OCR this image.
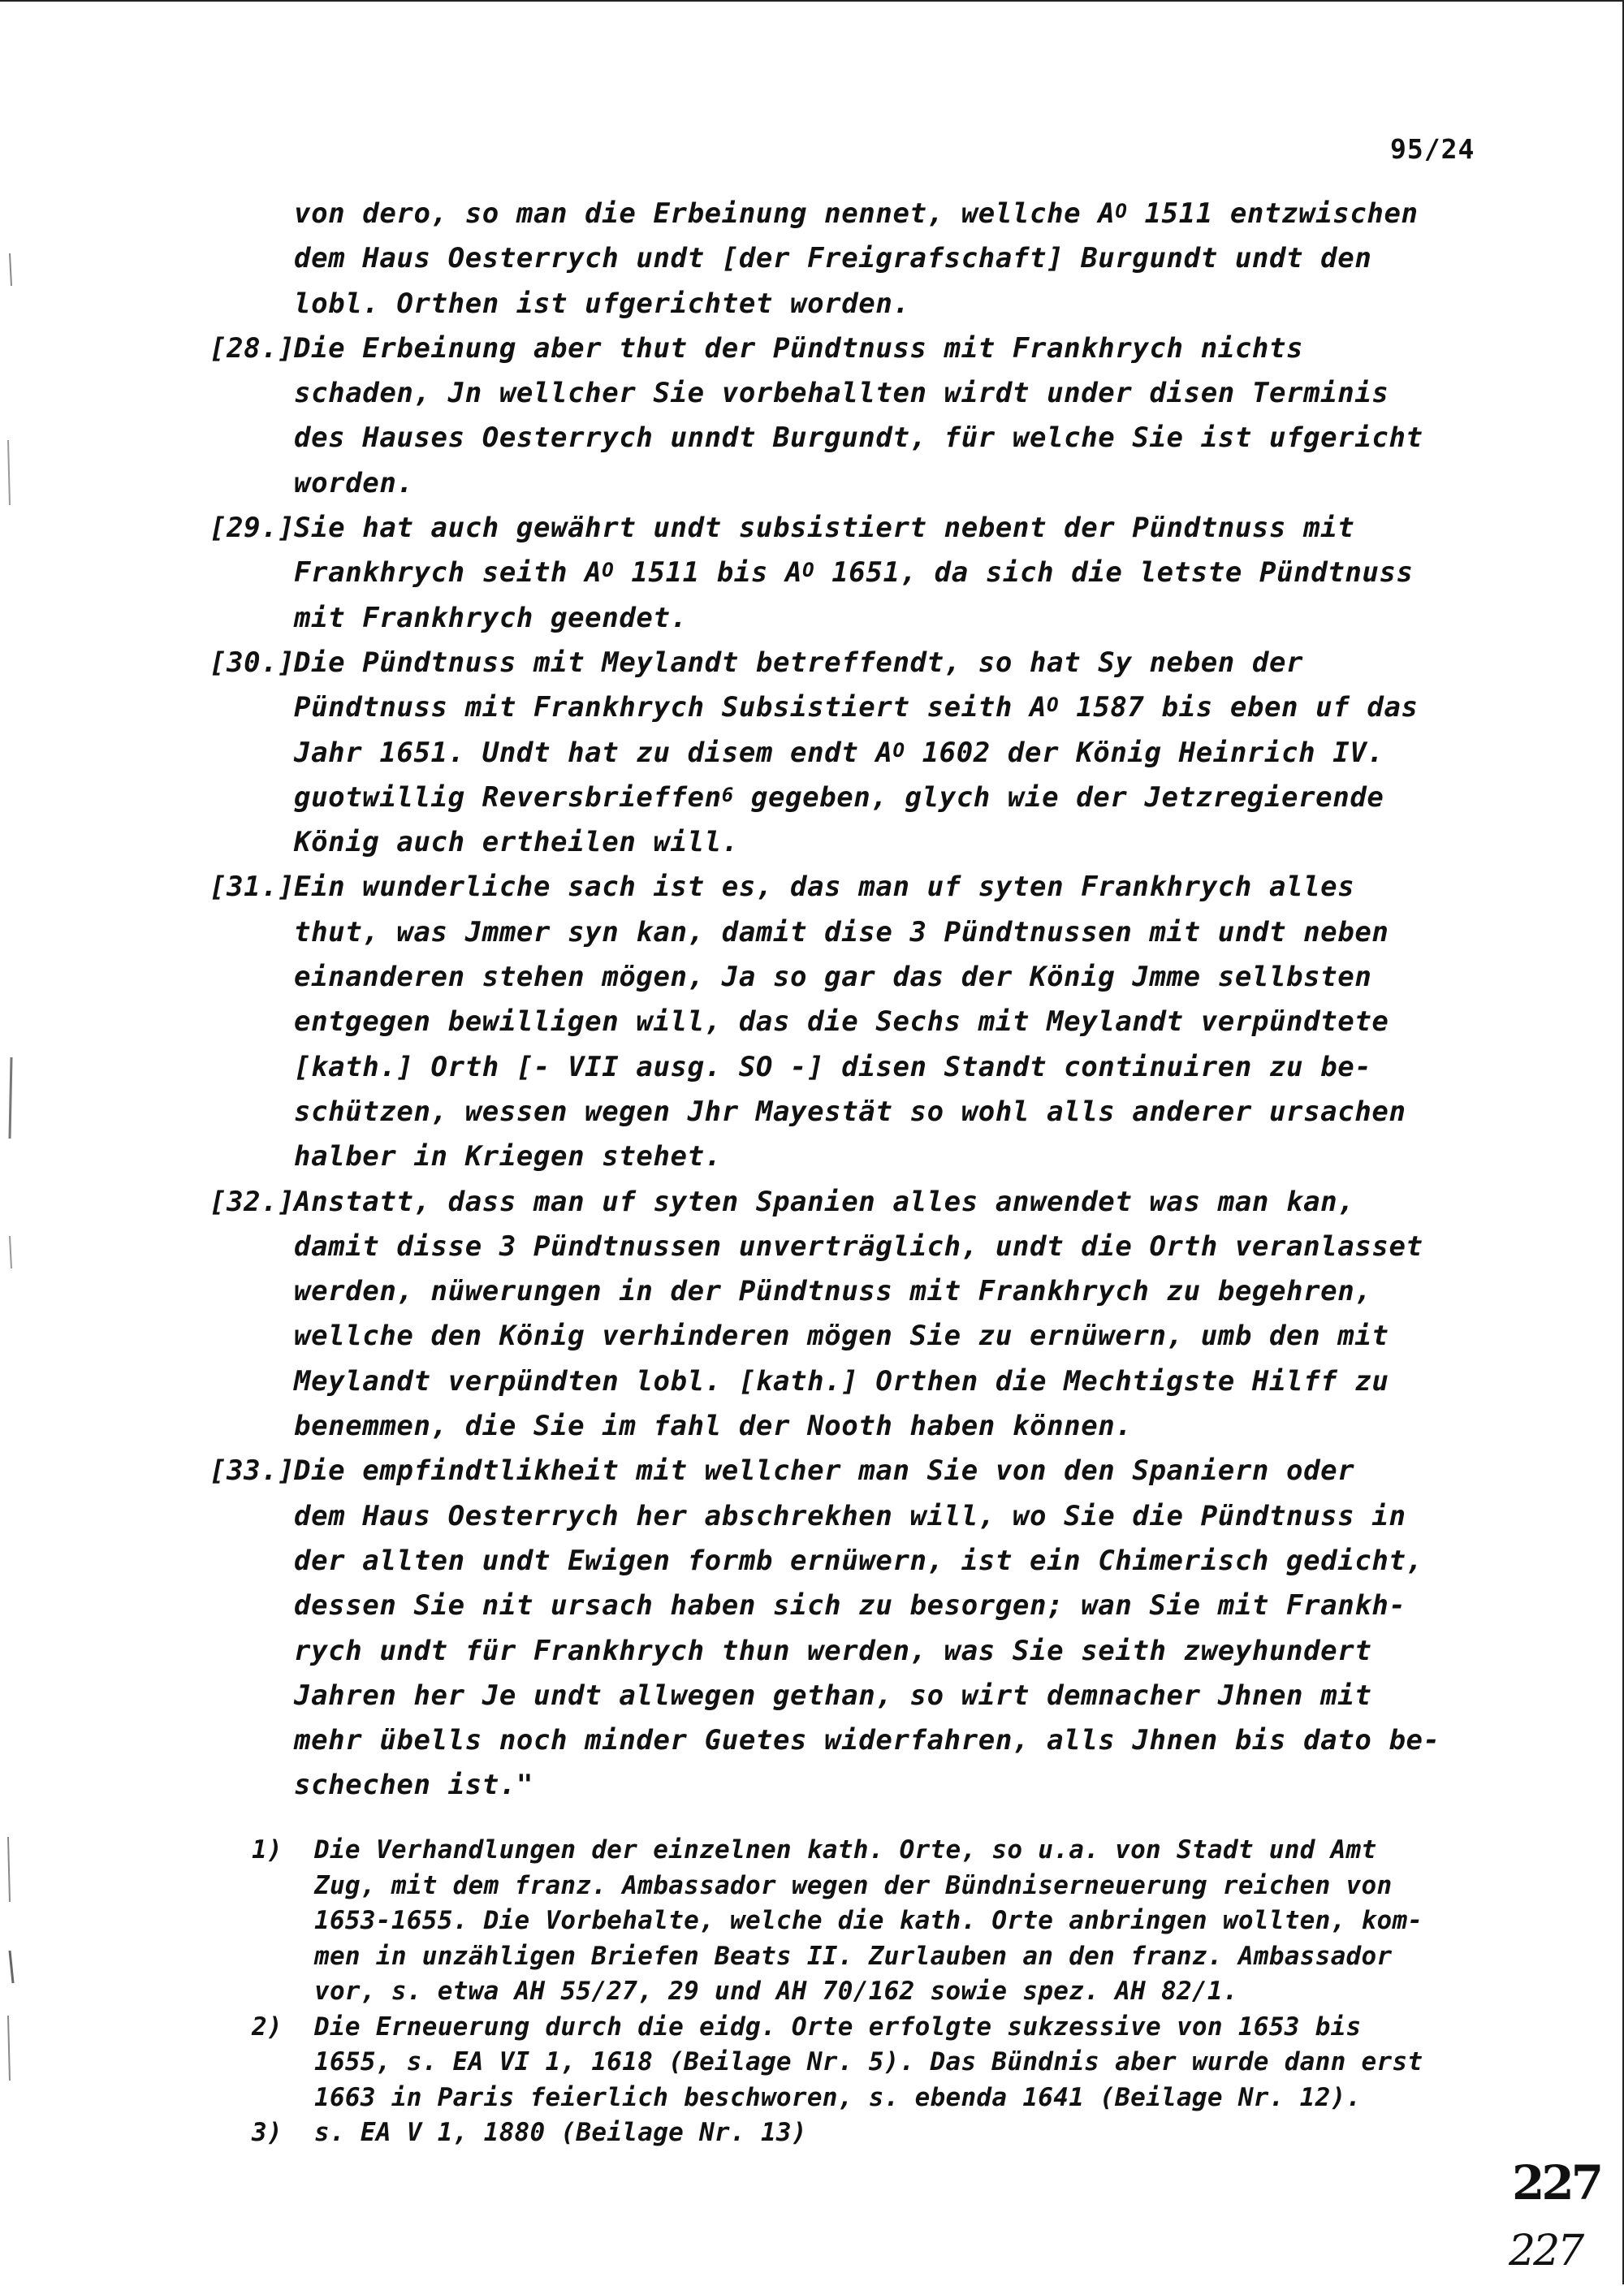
95/24
von dero, so man die Erbeinung nennet, wellche $A^O$ 1511 entzwischen
dem Haus Oesterrych undt [der Freigrafschaft] Burgundt undt den
lobl. Orthen ist ufgerichtet worden.
[28.]
Die Erbeinung aber thut der Pündtnuss mit Frankhrych nichts
schaden, Jn wellcher Sie vorbehallten wirdt under disen Terminis
des Hauses Oesterrych unndt Burgundt, für welche Sie ist ufgericht
worden.
[29.]
Sie hat auch gewährt undt subsistiert nebent der Pündtnuss mit
Frankhrych seith $A^O$ 1511 bis $A^O$ 1651, da sich die letste Pündtnuss
mit Frankhrych geendet.
[30.]
Die Pündtnuss mit Meylandt betreffendt, so hat Sy neben der
Pündtnuss mit Frankhrych Subsistiert seith $A^O$ 1587 bis eben uf das
Jahr 1651. Undt hat zu disem endt $A^O$ 1602 der König Heinrich IV.
guotwillig Reversbrieffen$^6$ gegeben, glych wie der Jetzregierende
König auch ertheilen will.
[31.]
Ein wunderliche sach ist es, das man uf syten Frankhrych alles
thut, was Jmmer syn kan, damit dise 3 Pündtnussen mit undt neben
einanderen stehen mögen, Ja so gar das der König Jmme sellbsten
entgegen bewilligen will, das die Sechs mit Meylandt verpündtete
[kath.] Orth [- VII ausg. SO -] disen Standt continuiren zu be-
schützen, wessen wegen Jhr Mayestät so wohl alls anderer ursachen
halber in Kriegen stehet.
[32.]
Anstatt, dass man uf syten Spanien alles anwendet was man kan,
damit disse 3 Pündtnussen unverträglich, undt die Orth veranlasset
werden, nüwerungen in der Pündtnuss mit Frankhrych zu begehren,
wellche den König verhinderen mögen Sie zu ernüwern, umb den mit
Meylandt verpündten lobl. [kath.] Orthen die Mechtigste Hilff zu
benemmen, die Sie im fahl der Nooth haben können.
[33.]
Die empfindtlikheit mit wellcher man Sie von den Spaniern oder
dem Haus Oesterrych her abschrekhen will, wo Sie die Pündtnuss in
der allten undt Ewigen formb ernüwern, ist ein Chimerisch gedicht,
dessen Sie nit ursach haben sich zu besorgen; wan Sie mit Frankh-
rych undt für Frankhrych thun werden, was Sie seith zweyhundert
Jahren her Je undt allwegen gethan, so wirt demnacher Jhnen mit
mehr übells noch minder Guetes widerfahren, alls Jhnen bis dato be-
schechen ist."
1) Die Verhandlungen der einzelnen kath. Orte, so u.a. von Stadt und Amt
Zug, mit dem franz. Ambassador wegen der Bündniserneuerung reichen von
1653-1655. Die Vorbehalte, welche die kath. Orte anbringen wollten, kom-
men in unzähligen Briefen Beats II. Zurlauben an den franz. Ambassador
vor, s. etwa AH 55/27, 29 und AH 70/162 sowie spez. AH 82/1.
2) Die Erneuerung durch die eidg. Orte erfolgte sukzessive von 1653 bis
1655, s. EA VI 1, 1618 (Beilage Nr. 5). Das Bündnis aber wurde dann erst
1663 in Paris feierlich beschworen, s. ebenda 1641 (Beilage Nr. 12).
3) s. EA V 1, 1880 (Beilage Nr. 13)
227
227
